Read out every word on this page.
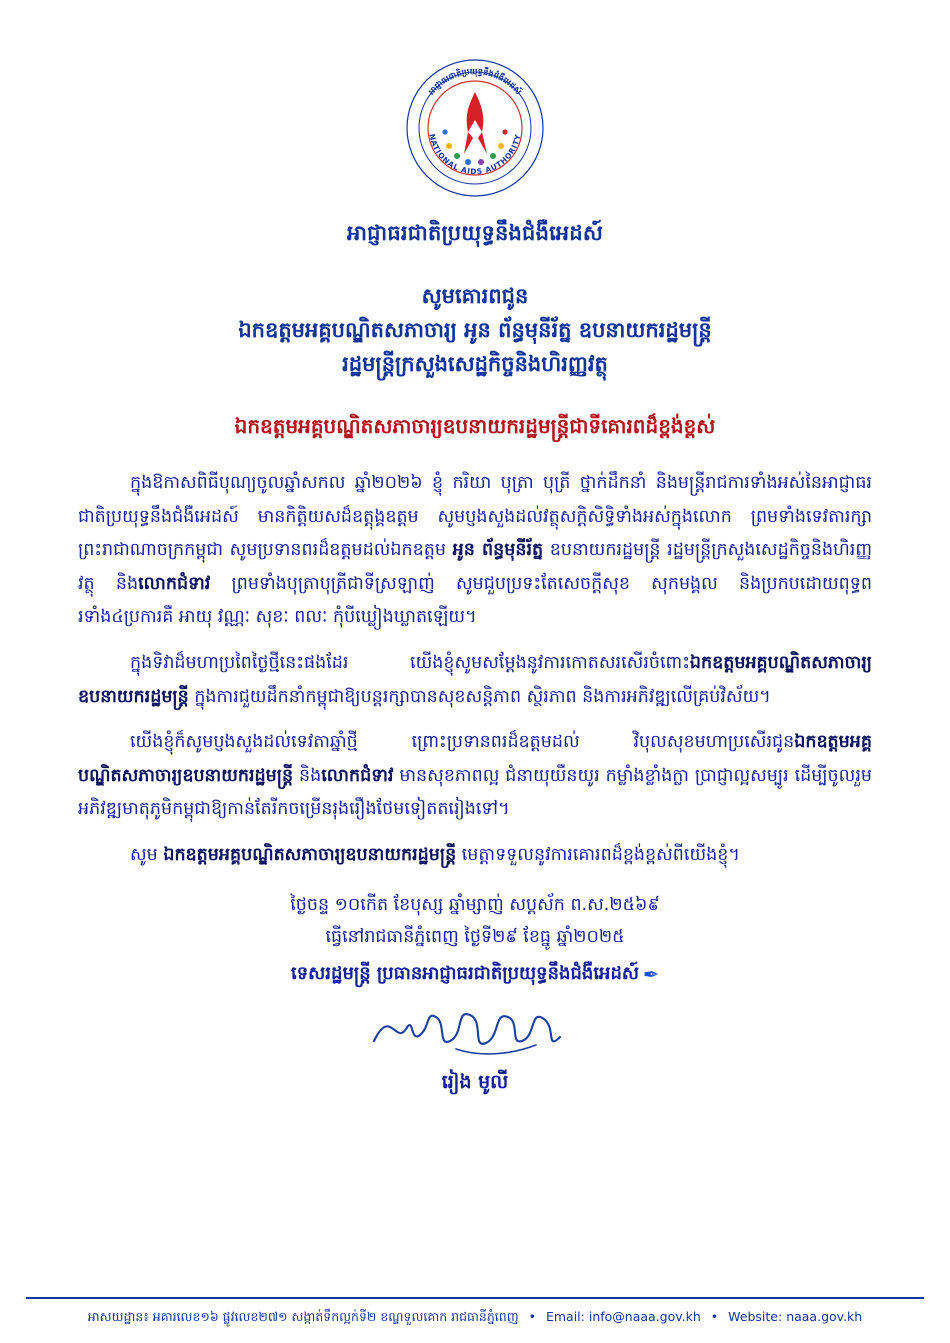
អាជ្ញាធរជាតិប្រយុទ្ធនឹងជំងឺអេដស៍
NATIONAL AIDS AUTHORITY
អាជ្ញាធរជាតិប្រយុទ្ធនឹងជំងឺអេដស៍
សូមគោរពជូន
ឯកឧត្តមអគ្គបណ្ឌិតសភាចារ្យ អូន ព័ន្ធមុនីរ័ត្ន ឧបនាយករដ្ឋមន្ត្រី
រដ្ឋមន្ត្រីក្រសួងសេដ្ឋកិច្ចនិងហិរញ្ញវត្ថុ
ឯកឧត្តមអគ្គបណ្ឌិតសភាចារ្យឧបនាយករដ្ឋមន្ត្រីជាទីគោរពដ៏ខ្ពង់ខ្ពស់

ក្នុងឱកាសពិធីបុណ្យចូលឆ្នាំសកល ឆ្នាំ២០២៦ ខ្ញុំ ករិយា បុត្រា បុត្រី ថ្នាក់ដឹកនាំ និងមន្ត្រីរាជការទាំងអស់នៃអាជ្ញាធរជាតិប្រយុទ្ធនឹងជំងឺអេដស៍ មានកិត្តិយសដ៏ឧត្តុង្គឧត្តម សូមប្ញងសួងដល់វត្ថុសក្តិសិទ្ធិទាំងអស់ក្នុងលោក ព្រមទាំងទេវតារក្សាព្រះរាជាណាចក្រកម្ពុជា សូមប្រទានពរដ៏ឧត្តមដល់ឯកឧត្តម អូន ព័ន្ធមុនីរ័ត្ន ឧបនាយករដ្ឋមន្ត្រី រដ្ឋមន្ត្រីក្រសួងសេដ្ឋកិច្ចនិងហិរញ្ញវត្ថុ និងលោកជំទាវ ព្រមទាំងបុត្រាបុត្រីជាទីស្រឡាញ់ សូមជួបប្រទះតែសេចក្តីសុខ សុកមង្គល និងប្រកបដោយពុទ្ធពរទាំង៤ប្រការគឺ អាយុ វណ្ណៈ សុខៈ ពលៈ កុំបីឃ្លៀងឃ្លាតឡើយ។

ក្នុងទិវាដ៏មហាប្រពៃថ្ងៃថ្មីនេះផងដែរ យើងខ្ញុំសូមសម្តែងនូវការកោតសរសើរចំពោះឯកឧត្តមអគ្គបណ្ឌិតសភាចារ្យឧបនាយករដ្ឋមន្ត្រី ក្នុងការជួយដឹកនាំកម្ពុជាឱ្យបន្តរក្សាបានសុខសន្តិភាព ស្ថិរភាព និងការអភិវឌ្ឍលើគ្រប់វិស័យ។

យើងខ្ញុំក៏សូមប្ញងសួងដល់ទេវតាឆ្នាំថ្មី ព្រោះប្រទានពរដ៏ឧត្តមដល់ វិបុលសុខមហាប្រសើរជូនឯកឧត្តមអគ្គបណ្ឌិតសភាចារ្យឧបនាយករដ្ឋមន្ត្រី និងលោកជំទាវ មានសុខភាពល្អ ជំនាយុយឺនយូរ កម្លាំងខ្លាំងក្លា ប្រាជ្ញាល្អសម្បូរ ដើម្បីចូលរួមអភិវឌ្ឍមាតុភូមិកម្ពុជាឱ្យកាន់តែរីកចម្រើនរុងរឿងថែមទៀតតរៀងទៅ។

សូម ឯកឧត្តមអគ្គបណ្ឌិតសភាចារ្យឧបនាយករដ្ឋមន្ត្រី មេត្តាទទួលនូវការគោរពដ៏ខ្ពង់ខ្ពស់ពីយើងខ្ញុំ។

ថ្ងៃចន្ទ ១០កើត ខែបុស្ស ឆ្នាំម្សាញ់ សប្តស័ក ព.ស.២៥៦៩
ធ្វើនៅរាជធានីភ្នំពេញ ថ្ងៃទី២៩ ខែធ្នូ ឆ្នាំ២០២៥
ទេសរដ្ឋមន្ត្រី ប្រធានអាជ្ញាធរជាតិប្រយុទ្ធនឹងជំងឺអេដស៍ ✒
រៀង មូលី
អាសយដ្ឋាន៖ អគារលេខ១៦ ផ្លូវលេខ២៧១ សង្កាត់ទឹកល្អក់ទី២ ខណ្ឌទួលគោក រាជធានីភ្នំពេញ • Email: info@naaa.gov.kh • Website: naaa.gov.kh
